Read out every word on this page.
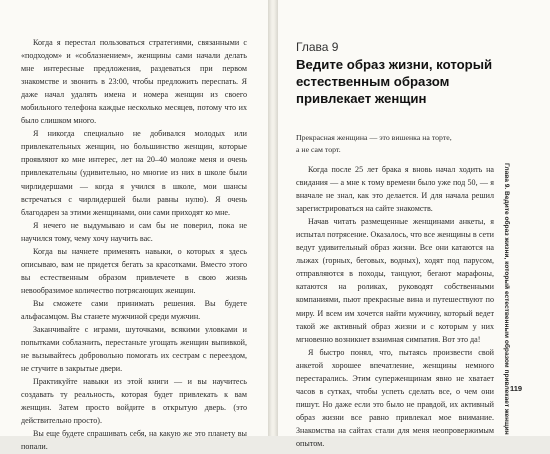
Когда я перестал пользоваться стратегиями, связанными с «подходом» и «соблазнением», женщины сами начали делать мне интересные предложения, раздеваться при первом знакомстве и звонить в 23:00, чтобы предложить переспать. Я даже начал удалять имена и номера женщин из своего мобильного телефона каждые несколько месяцев, потому что их было слишком много.

Я никогда специально не добивался молодых или привлекательных женщин, но большинство женщин, которые проявляют ко мне интерес, лет на 20–40 моложе меня и очень привлекательны (удивительно, но многие из них в школе были чирлидершами — когда я учился в школе, мои шансы встречаться с чирлидершей были равны нулю). Я очень благодарен за этими женщинами, они сами приходят ко мне.

Я нечего не выдумываю и сам бы не поверил, пока не научился тому, чему хочу научить вас.

Когда вы начнете применять навыки, о которых я здесь описываю, вам не придется бегать за красотками. Вместо этого вы естественным образом привлечете в свою жизнь невообразимое количество потрясающих женщин.

Вы сможете сами принимать решения. Вы будете альфасамцом. Вы станете мужчиной среди мужчин.

Заканчивайте с играми, шуточками, всякими уловками и попытками соблазнить, перестаньте угощать женщин выпивкой, не вызывайтесь добровольно помогать их сестрам с переездом, не стучите в закрытые двери.

Практикуйте навыки из этой книги — и вы научитесь создавать ту реальность, которая будет привлекать к вам женщин. Затем просто войдите в открытую дверь. (это действительно просто).

Вы еще будете спрашивать себя, на какую же это планету вы попали.

Глава 9
Ведите образ жизни, который естественным образом привлекает женщин

Прекрасная женщина — это вишенка на торте,

а не сам торт.

Когда после 25 лет брака я вновь начал ходить на свидания — а мне к тому времени было уже под 50, — я вначале не знал, как это делается. И для начала решил зарегистрироваться на сайте знакомств.

Начав читать размещенные женщинами анкеты, я испытал потрясение. Оказалось, что все женщины в сети ведут удивительный образ жизни. Все они катаются на лыжах (горных, беговых, водных), ходят под парусом, отправляются в походы, танцуют, бегают марафоны, катаются на роликах, руководят собственными компаниями, пьют прекрасные вина и путешествуют по миру. И всем им хочется найти мужчину, который ведет такой же активный образ жизни и с которым у них мгновенно возникнет взаимная симпатия. Вот это да!

Я быстро понял, что, пытаясь произвести свой анкетой хорошее впечатление, женщины немного перестарались. Этим суперженщинам явно не хватает часов в сутках, чтобы успеть сделать все, о чем они пишут. Но даже если это было не правдой, их активный образ жизни все равно привлекал мое внимание. Знакомства на сайтах стали для меня неопровержимым опытом.

Глава 9. Ведите образ жизни, который естественным образом привлекает женщин 119
